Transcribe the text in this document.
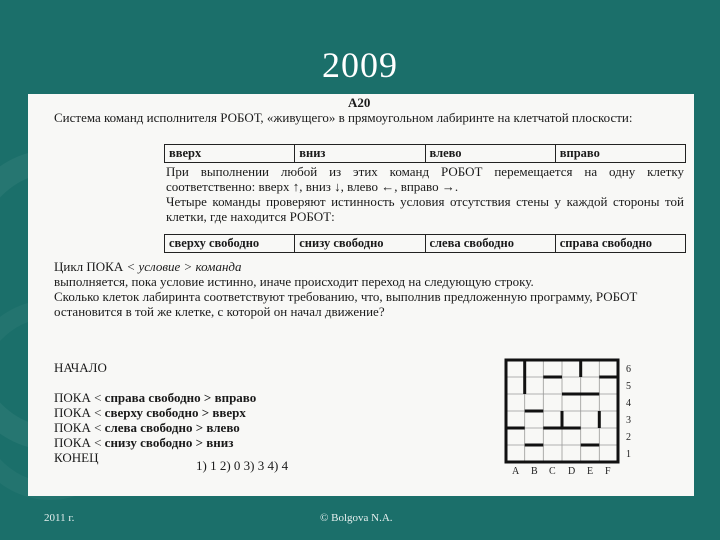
2009
A20
Система команд исполнителя РОБОТ, «живущего» в прямоугольном лабиринте на клетчатой плоскости:
вверх	вниз	влево	вправо
При выполнении любой из этих команд РОБОТ перемещается на одну клетку соответственно: вверх ↑, вниз ↓, влево ←, вправо →.
Четыре команды проверяют истинность условия отсутствия стены у каждой стороны той клетки, где находится РОБОТ:
сверху свободно	снизу свободно	слева свободно	справа свободно
Цикл ПОКА < условие > команда
выполняется, пока условие истинно, иначе происходит переход на следующую строку.
Сколько клеток лабиринта соответствуют требованию, что, выполнив предложенную программу, РОБОТ остановится в той же клетке, с которой он начал движение?
НАЧАЛО
ПОКА < справа свободно > вправо
ПОКА < сверху свободно > вверх
ПОКА < слева свободно > влево
ПОКА < снизу свободно > вниз
КОНЕЦ
1) 1 2) 0 3) 3 4) 4
6
5
4
3
2
1
A B C D E F
2011 г.	© Bolgova N.A.
